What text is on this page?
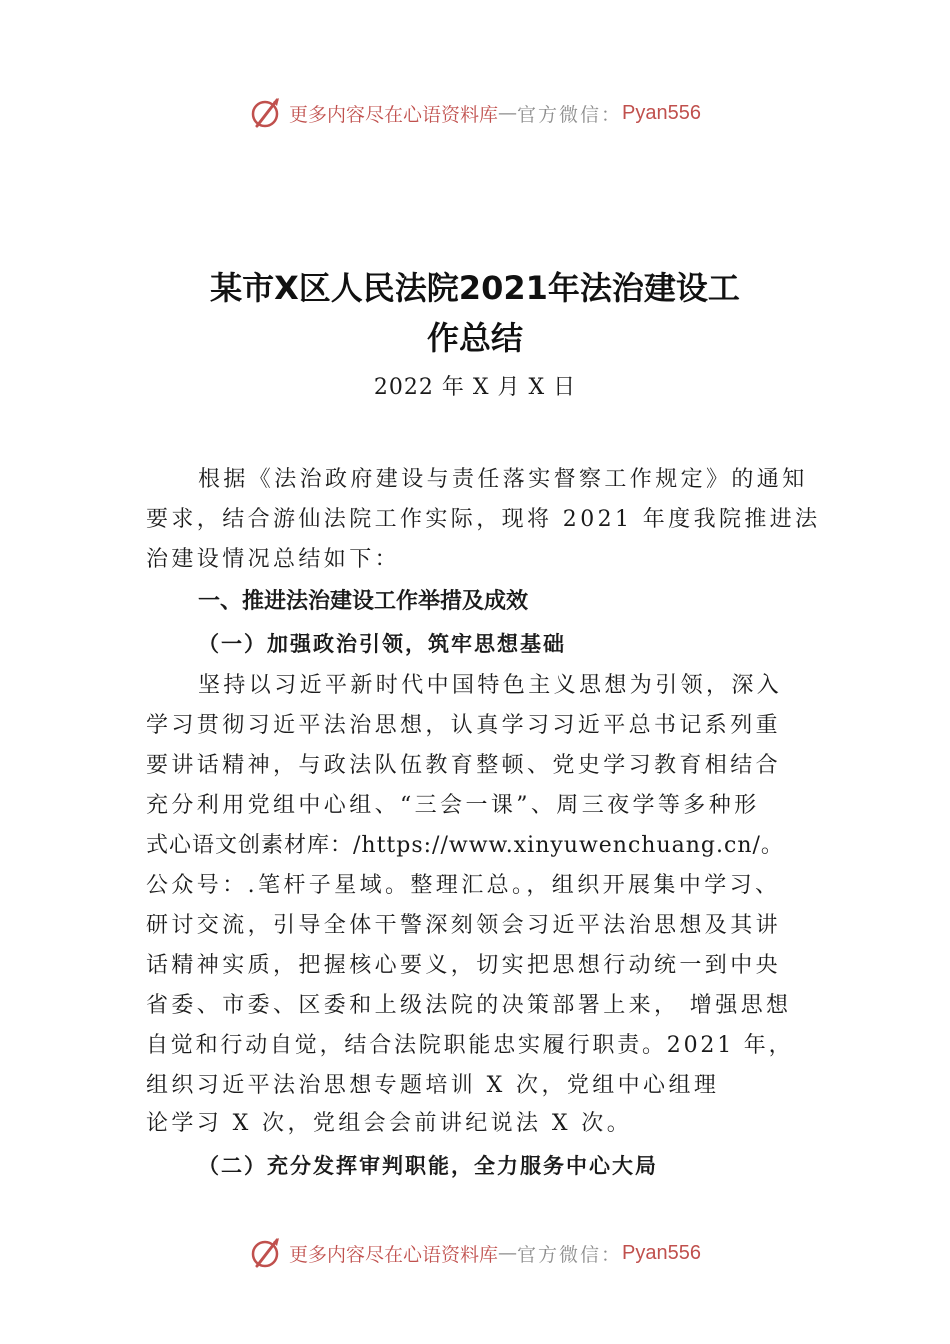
更多内容尽在心语资料库 — 官方微信： Pyan556
某市X区人民法院2021年法治建设工
作总结
2022 年 X 月 X 日
根据《法治政府建设与责任落实督察工作规定》的通知
要求，结合游仙法院工作实际，现将 2021 年度我院推进法
治建设情况总结如下：
一、推进法治建设工作举措及成效
（一）加强政治引领，筑牢思想基础
坚持以习近平新时代中国特色主义思想为引领，深入
学习贯彻习近平法治思想，认真学习习近平总书记系列重
要讲话精神，与政法队伍教育整顿、党史学习教育相结合
充分利用党组中心组、“三会一课”、周三夜学等多种形
式心语文创素材库：/https://www.xinyuwenchuang.cn/。
公众号：.笔杆子星域。整理汇总。，组织开展集中学习、
研讨交流，引导全体干警深刻领会习近平法治思想及其讲
话精神实质，把握核心要义，切实把思想行动统一到中央
省委、市委、区委和上级法院的决策部署上来， 增强思想
自觉和行动自觉，结合法院职能忠实履行职责。2021 年，
组织习近平法治思想专题培训 X 次，党组中心组理
论学习 X 次，党组会会前讲纪说法 X 次。
（二）充分发挥审判职能，全力服务中心大局
更多内容尽在心语资料库 — 官方微信： Pyan556
